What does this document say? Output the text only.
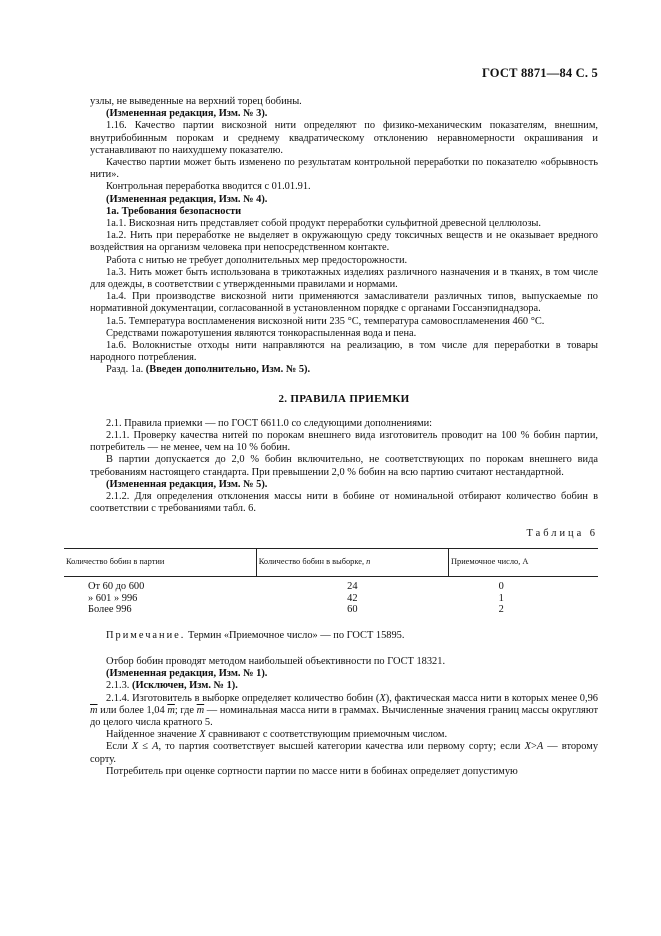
ГОСТ 8871—84 С. 5

узлы, не выведенные на верхний торец бобины.

(Измененная редакция, Изм. № 3).

1.16. Качество партии вискозной нити определяют по физико-механическим показателям, внешним, внутрибобинным порокам и среднему квадратическому отклонению неравномерности окрашивания и устанавливают по наихудшему показателю.

Качество партии может быть изменено по результатам контрольной переработки по показателю «обрывность нити».

Контрольная переработка вводится с 01.01.91.

(Измененная редакция, Изм. № 4).

1а. Требования безопасности

1а.1. Вискозная нить представляет собой продукт переработки сульфитной древесной целлюлозы.

1а.2. Нить при переработке не выделяет в окружающую среду токсичных веществ и не оказывает вредного воздействия на организм человека при непосредственном контакте.

Работа с нитью не требует дополнительных мер предосторожности.

1а.3. Нить может быть использована в трикотажных изделиях различного назначения и в тканях, в том числе для одежды, в соответствии с утвержденными правилами и нормами.

1а.4. При производстве вискозной нити применяются замасливатели различных типов, выпускаемые по нормативной документации, согласованной в установленном порядке с органами Госсанэпиднадзора.

1а.5. Температура воспламенения вискозной нити 235 °С, температура самовоспламенения 460 °С.

Средствами пожаротушения являются тонкораспыленная вода и пена.

1а.6. Волокнистые отходы нити направляются на реализацию, в том числе для переработки в товары народного потребления.

Разд. 1а. (Введен дополнительно, Изм. № 5).

2. ПРАВИЛА ПРИЕМКИ

2.1. Правила приемки — по ГОСТ 6611.0 со следующими дополнениями:

2.1.1. Проверку качества нитей по порокам внешнего вида изготовитель проводит на 100 % бобин партии, потребитель — не менее, чем на 10 % бобин.

В партии допускается до 2,0 % бобин включительно, не соответствующих по порокам внешнего вида требованиям настоящего стандарта. При превышении 2,0 % бобин на всю партию считают нестандартной.

(Измененная редакция, Изм. № 5).

2.1.2. Для определения отклонения массы нити в бобине от номинальной отбирают количество бобин в соответствии с требованиями табл. 6.

Таблица 6
Количество бобин в партии	Количество бобин в выборке, n	Приемочное число, А
От 60 до 600	24	0
» 601 » 996	42	1
Более 996	60	2

Примечание. Термин «Приемочное число» — по ГОСТ 15895.

Отбор бобин проводят методом наибольшей объективности по ГОСТ 18321.

(Измененная редакция, Изм. № 1).

2.1.3. (Исключен, Изм. № 1).

2.1.4. Изготовитель в выборке определяет количество бобин (X), фактическая масса нити в которых менее 0,96 $\overline{m}$ или более 1,04 $\overline{m}$; где $\overline{m}$ — номинальная масса нити в граммах. Вычисленные значения границ массы округляют до целого числа кратного 5.

Найденное значение X сравнивают с соответствующим приемочным числом.

Если X ≤ A, то партия соответствует высшей категории качества или первому сорту; если X>A — второму сорту.

Потребитель при оценке сортности партии по массе нити в бобинах определяет допустимую
